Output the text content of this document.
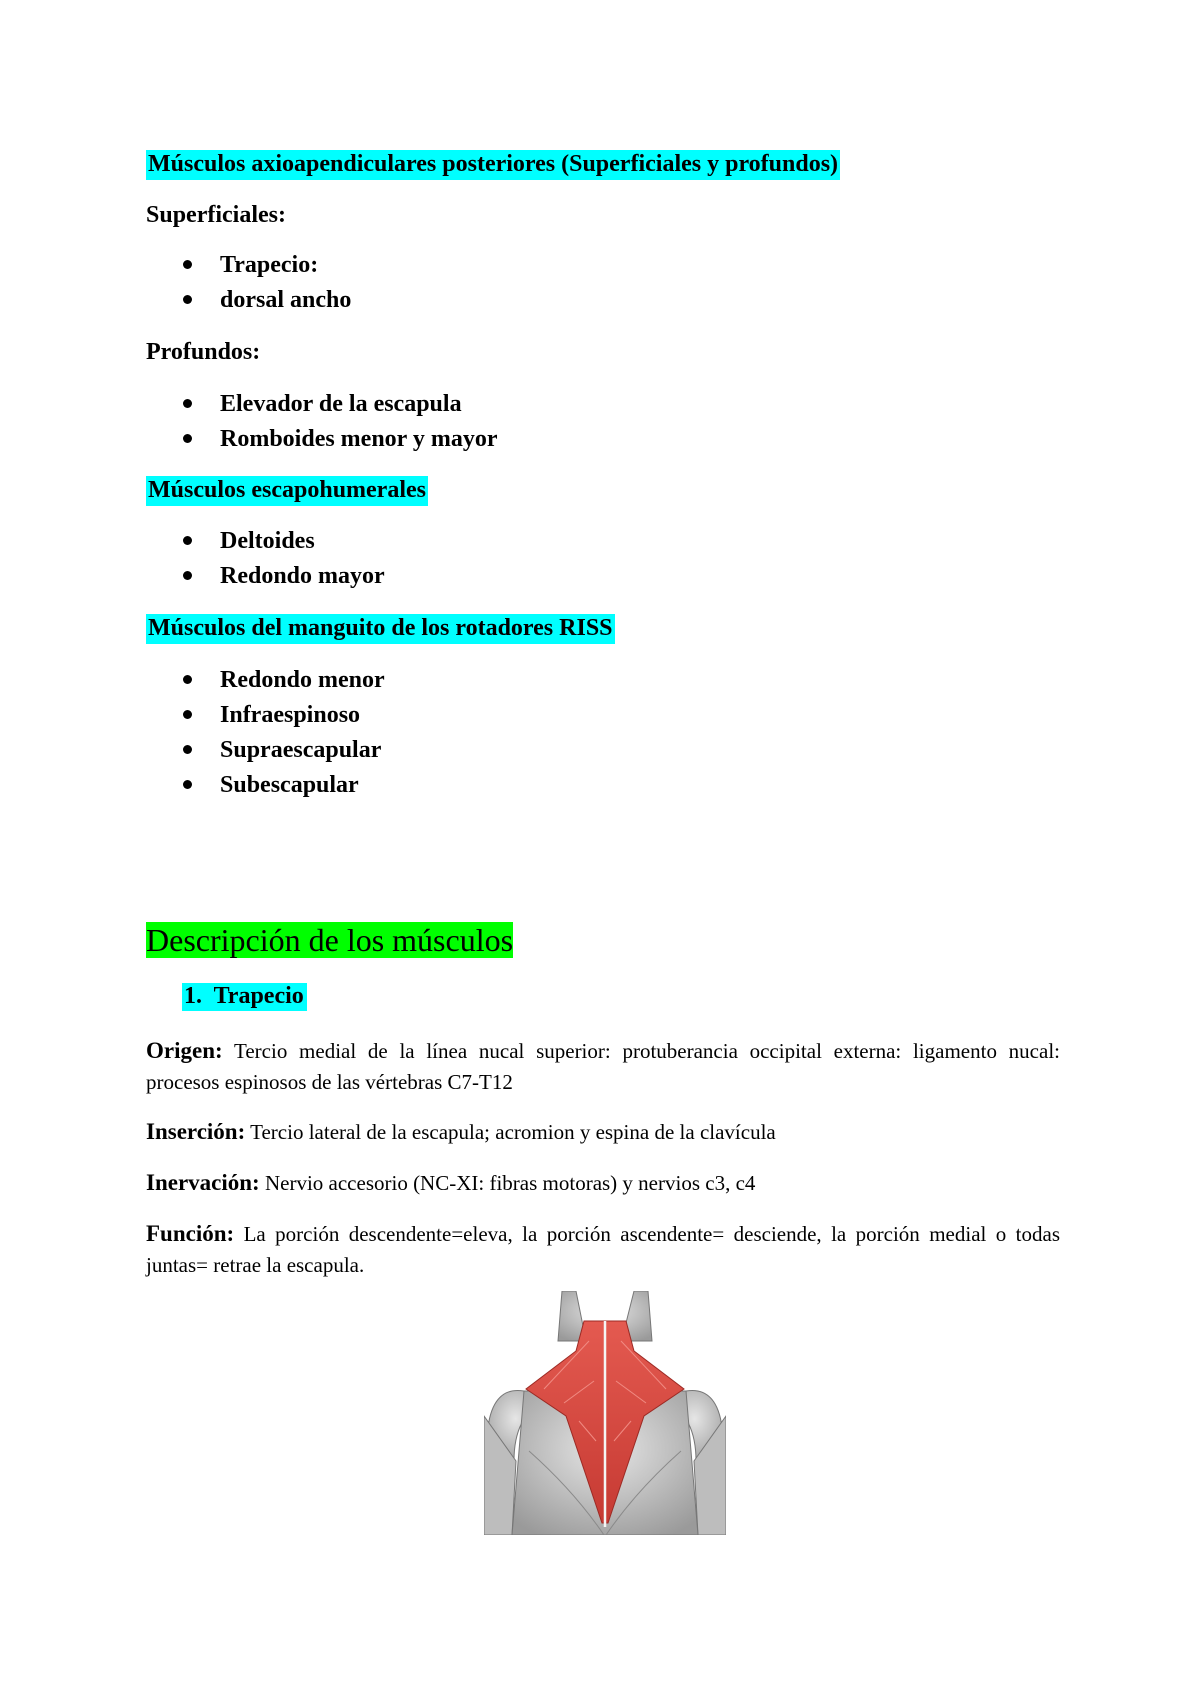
Músculos axioapendiculares posteriores (Superficiales y profundos)
Superficiales:
Trapecio:
dorsal ancho
Profundos:
Elevador de la escapula
Romboides menor y mayor
Músculos escapohumerales
Deltoides
Redondo mayor
Músculos del manguito de los rotadores RISS
Redondo menor
Infraespinoso
Supraescapular
Subescapular
Descripción de los músculos
1. Trapecio
Origen: Tercio medial de la línea nucal superior: protuberancia occipital externa: ligamento nucal: procesos espinosos de las vértebras C7-T12
Inserción: Tercio lateral de la escapula; acromion y espina de la clavícula
Inervación: Nervio accesorio (NC-XI: fibras motoras) y nervios c3, c4
Función: La porción descendente=eleva, la porción ascendente= desciende, la porción medial o todas juntas= retrae la escapula.
